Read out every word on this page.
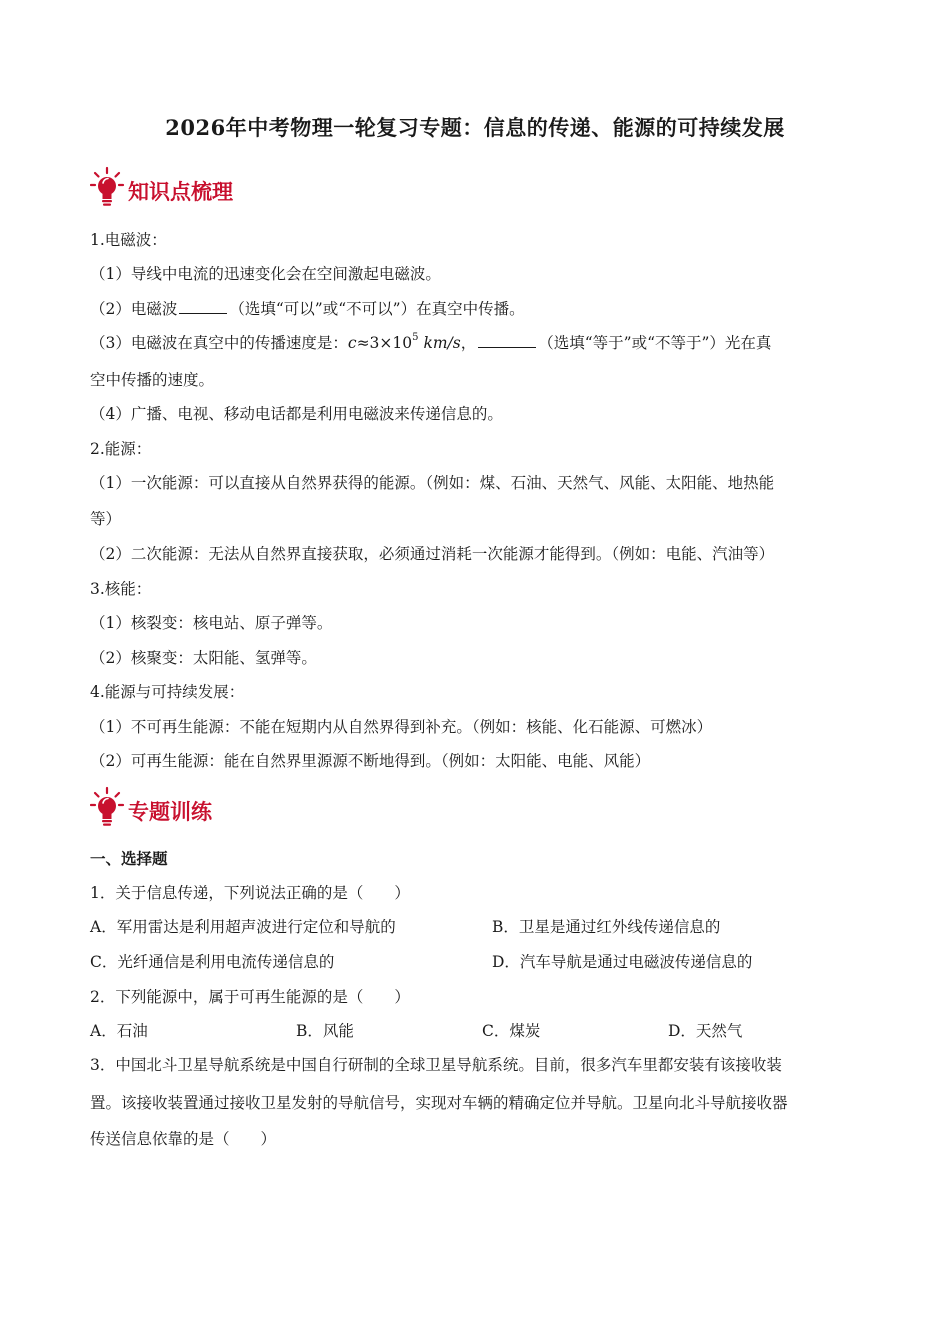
2026年中考物理一轮复习专题：信息的传递、能源的可持续发展
知识点梳理
1.电磁波：
（1）导线中电流的迅速变化会在空间激起电磁波。
（2）电磁波	（选填“可以”或“不可以”）在真空中传播。
（3）电磁波在真空中的传播速度是：$c\approx 3\times 10^5$ km/s，	（选填“等于”或“不等于”）光在真
空中传播的速度。
（4）广播、电视、移动电话都是利用电磁波来传递信息的。
2.能源：
（1）一次能源：可以直接从自然界获得的能源。（例如：煤、石油、天然气、风能、太阳能、地热能
等）
（2）二次能源：无法从自然界直接获取，必须通过消耗一次能源才能得到。（例如：电能、汽油等）
3.核能：
（1）核裂变：核电站、原子弹等。
（2）核聚变：太阳能、氢弹等。
4.能源与可持续发展：
（1）不可再生能源：不能在短期内从自然界得到补充。（例如：核能、化石能源、可燃冰）
（2）可再生能源：能在自然界里源源不断地得到。（例如：太阳能、电能、风能）
专题训练
一、选择题
1．关于信息传递，下列说法正确的是（　　）
A．军用雷达是利用超声波进行定位和导航的	B．卫星是通过红外线传递信息的
C．光纤通信是利用电流传递信息的	D．汽车导航是通过电磁波传递信息的
2．下列能源中，属于可再生能源的是（　　）
A．石油	B．风能	C．煤炭	D．天然气
3．中国北斗卫星导航系统是中国自行研制的全球卫星导航系统。目前，很多汽车里都安装有该接收装
置。该接收装置通过接收卫星发射的导航信号，实现对车辆的精确定位并导航。卫星向北斗导航接收器
传送信息依靠的是（　　）
